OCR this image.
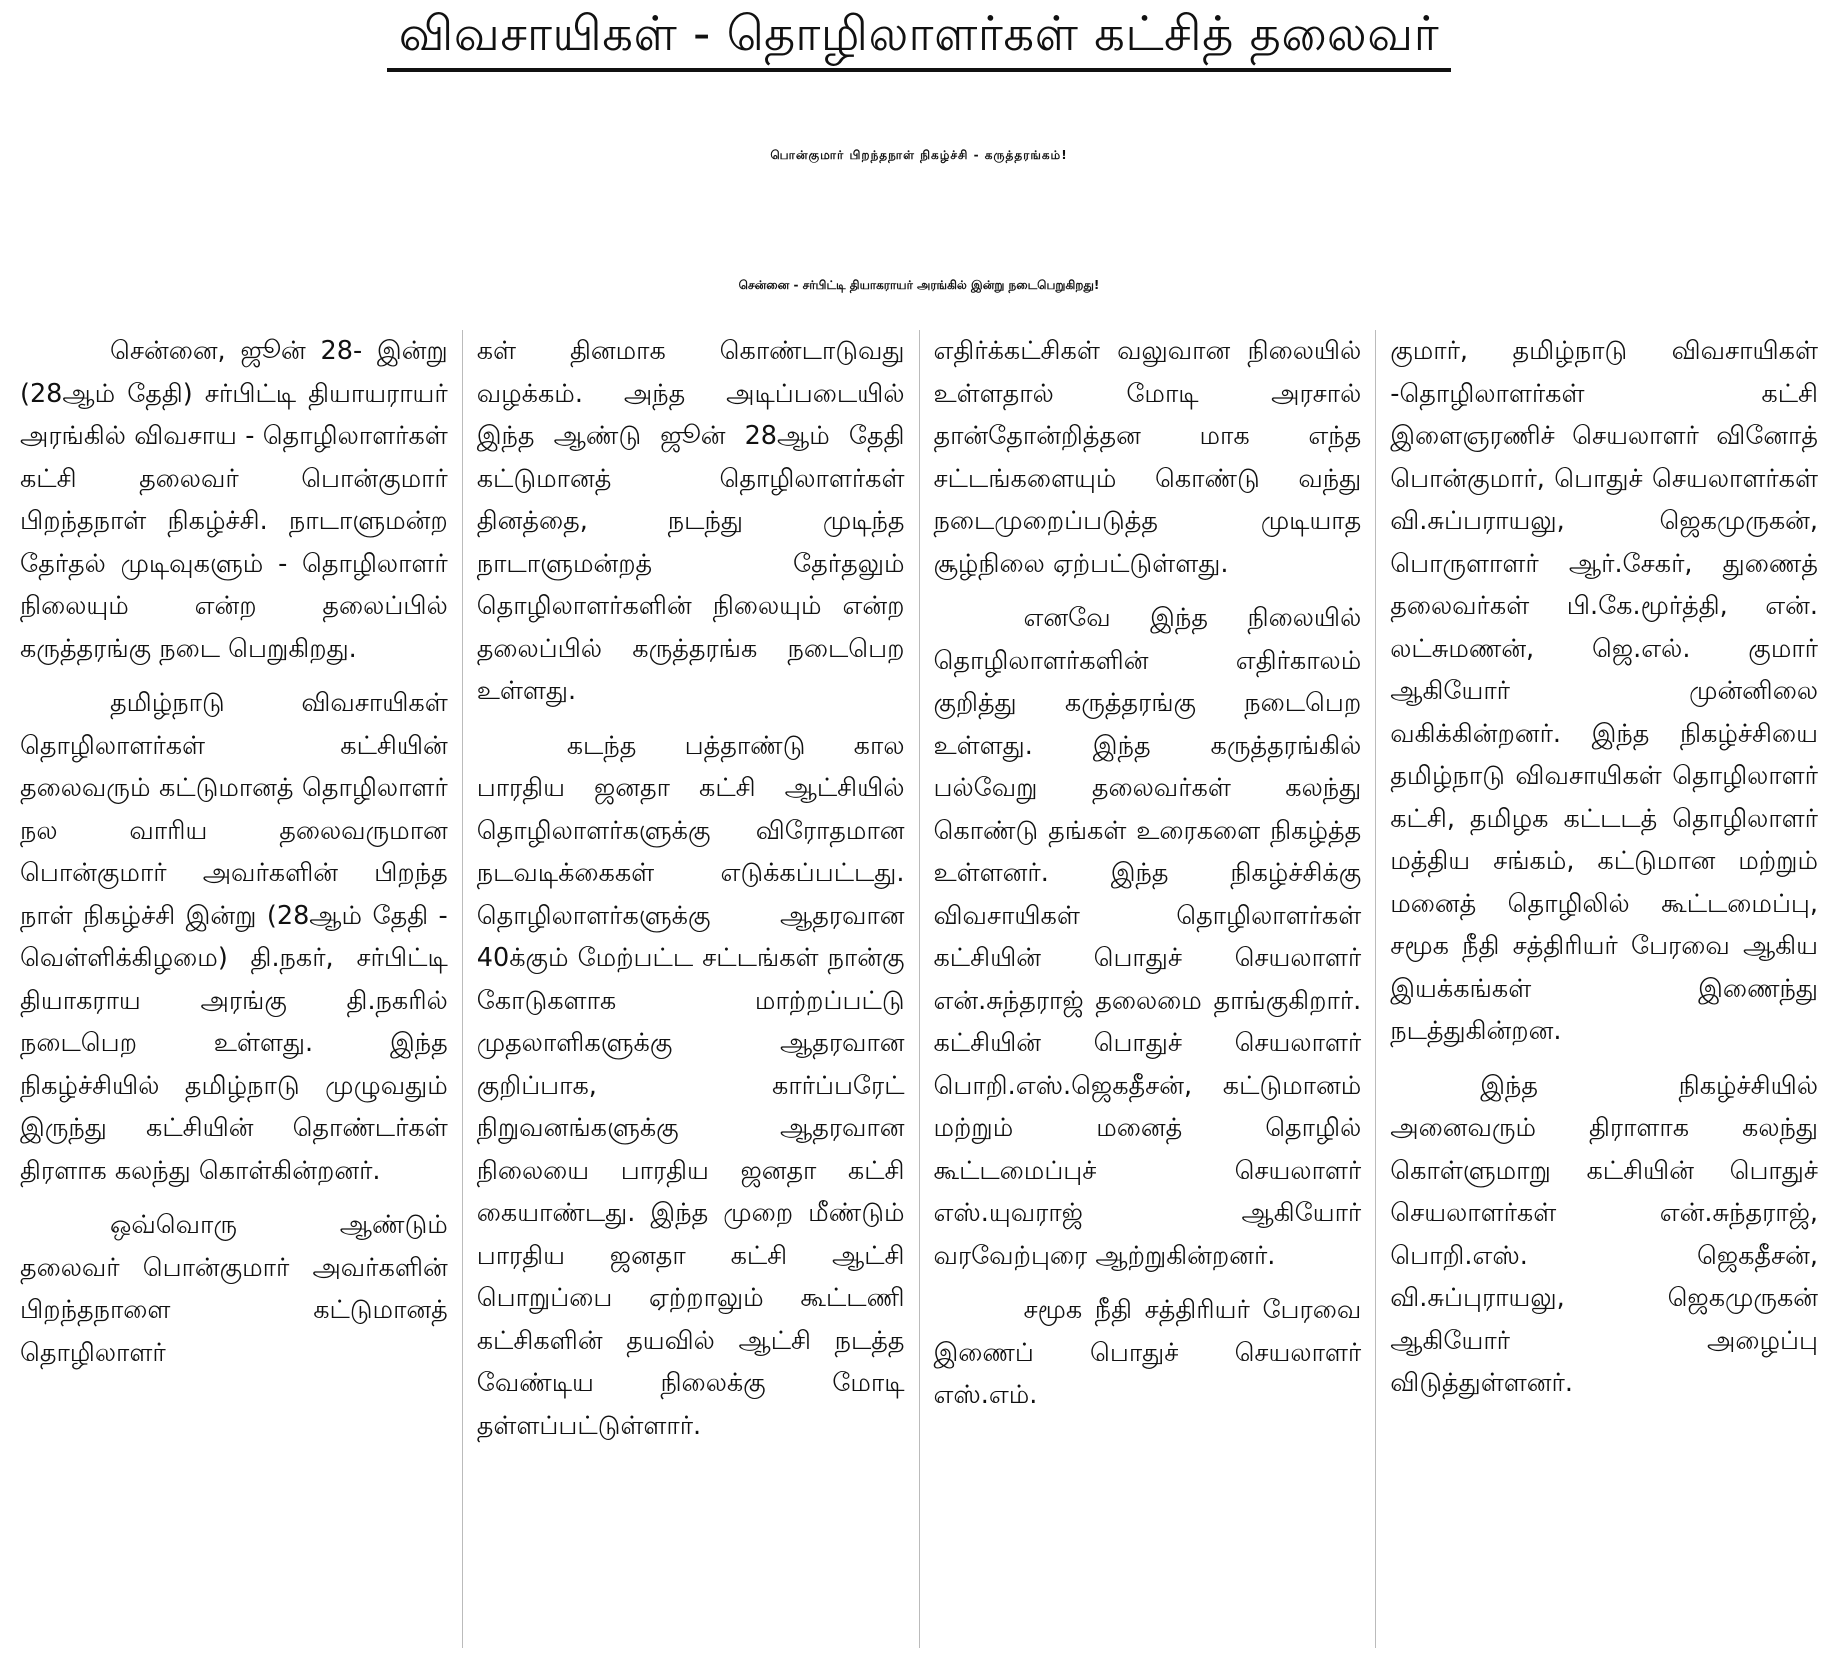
விவசாயிகள் - தொழிலாளர்கள் கட்சித் தலைவர்
பொன்குமார் பிறந்தநாள் நிகழ்ச்சி - கருத்தரங்கம்!
சென்னை - சர்பிட்டி தியாகராயர் அரங்கில் இன்று நடைபெறுகிறது!

சென்னை, ஜூன் 28- இன்று (28ஆம் தேதி) சர்பிட்டி தியாயராயர் அரங்கில் விவசாய - தொழிலாளர்கள் கட்சி தலைவர் பொன்குமார் பிறந்தநாள் நிகழ்ச்சி. நாடாளுமன்ற தேர்தல் முடிவுகளும் - தொழிலாளர் நிலையும் என்ற தலைப்பில் கருத்தரங்கு நடை பெறுகிறது.

தமிழ்நாடு விவசாயிகள் தொழிலாளர்கள் கட்சியின் தலைவரும் கட்டுமானத் தொழிலாளர் நல வாரிய தலைவருமான பொன்குமார் அவர்களின் பிறந்த நாள் நிகழ்ச்சி இன்று (28ஆம் தேதி - வெள்ளிக்கிழமை) தி.நகர், சர்பிட்டி தியாகராய அரங்கு தி.நகரில் நடைபெற உள்ளது. இந்த நிகழ்ச்சியில் தமிழ்நாடு முழுவதும் இருந்து கட்சியின் தொண்டர்கள் திரளாக கலந்து கொள்கின்றனர்.

ஒவ்வொரு ஆண்டும் தலைவர் பொன்குமார் அவர்களின் பிறந்தநாளை கட்டுமானத் தொழிலாளர்

கள் தினமாக கொண்டாடுவது வழக்கம். அந்த அடிப்படையில் இந்த ஆண்டு ஜூன் 28ஆம் தேதி கட்டுமானத் தொழிலாளர்கள் தினத்தை, நடந்து முடிந்த நாடாளுமன்றத் தேர்தலும் தொழிலாளர்களின் நிலையும் என்ற தலைப்பில் கருத்தரங்க நடைபெற உள்ளது.

கடந்த பத்தாண்டு கால பாரதிய ஜனதா கட்சி ஆட்சியில் தொழிலாளர்களுக்கு விரோதமான நடவடிக்கைகள் எடுக்கப்பட்டது. தொழிலாளர்களுக்கு ஆதரவான 40க்கும் மேற்பட்ட சட்டங்கள் நான்கு கோடுகளாக மாற்றப்பட்டு முதலாளிகளுக்கு ஆதரவான குறிப்பாக, கார்ப்பரேட் நிறுவனங்களுக்கு ஆதரவான நிலையை பாரதிய ஜனதா கட்சி கையாண்டது. இந்த முறை மீண்டும் பாரதிய ஜனதா கட்சி ஆட்சி பொறுப்பை ஏற்றாலும் கூட்டணி கட்சிகளின் தயவில் ஆட்சி நடத்த வேண்டிய நிலைக்கு மோடி தள்ளப்பட்டுள்ளார்.

எதிர்க்கட்சிகள் வலுவான நிலையில் உள்ளதால் மோடி அரசால் தான்தோன்றித்தன மாக எந்த சட்டங்களையும் கொண்டு வந்து நடைமுறைப்படுத்த முடியாத சூழ்நிலை ஏற்பட்டுள்ளது.

எனவே இந்த நிலையில் தொழிலாளர்களின் எதிர்காலம் குறித்து கருத்தரங்கு நடைபெற உள்ளது. இந்த கருத்தரங்கில் பல்வேறு தலைவர்கள் கலந்து கொண்டு தங்கள் உரைகளை நிகழ்த்த உள்ளனர். இந்த நிகழ்ச்சிக்கு விவசாயிகள் தொழிலாளர்கள் கட்சியின் பொதுச் செயலாளர் என்.சுந்தராஜ் தலைமை தாங்குகிறார். கட்சியின் பொதுச் செயலாளர் பொறி.எஸ்.ஜெகதீசன், கட்டுமானம் மற்றும் மனைத் தொழில் கூட்டமைப்புச் செயலாளர் எஸ்.யுவராஜ் ஆகியோர் வரவேற்புரை ஆற்றுகின்றனர்.

சமூக நீதி சத்திரியர் பேரவை இணைப் பொதுச் செயலாளர் எஸ்.எம்.

குமார், தமிழ்நாடு விவசாயிகள் -தொழிலாளர்கள் கட்சி இளைஞரணிச் செயலாளர் வினோத் பொன்குமார், பொதுச் செயலாளர்கள் வி.சுப்பராயலு, ஜெகமுருகன், பொருளாளர் ஆர்.சேகர், துணைத் தலைவர்கள் பி.கே.மூர்த்தி, என். லட்சுமணன், ஜெ.எல். குமார் ஆகியோர் முன்னிலை வகிக்கின்றனர். இந்த நிகழ்ச்சியை தமிழ்நாடு விவசாயிகள் தொழிலாளர் கட்சி, தமிழக கட்டடத் தொழிலாளர் மத்திய சங்கம், கட்டுமான மற்றும் மனைத் தொழிலில் கூட்டமைப்பு, சமூக நீதி சத்திரியர் பேரவை ஆகிய இயக்கங்கள் இணைந்து நடத்துகின்றன.

இந்த நிகழ்ச்சியில் அனைவரும் திராளாக கலந்து கொள்ளுமாறு கட்சியின் பொதுச் செயலாளர்கள் என்.சுந்தராஜ், பொறி.எஸ். ஜெகதீசன், வி.சுப்புராயலு, ஜெகமுருகன் ஆகியோர் அழைப்பு விடுத்துள்ளனர்.
